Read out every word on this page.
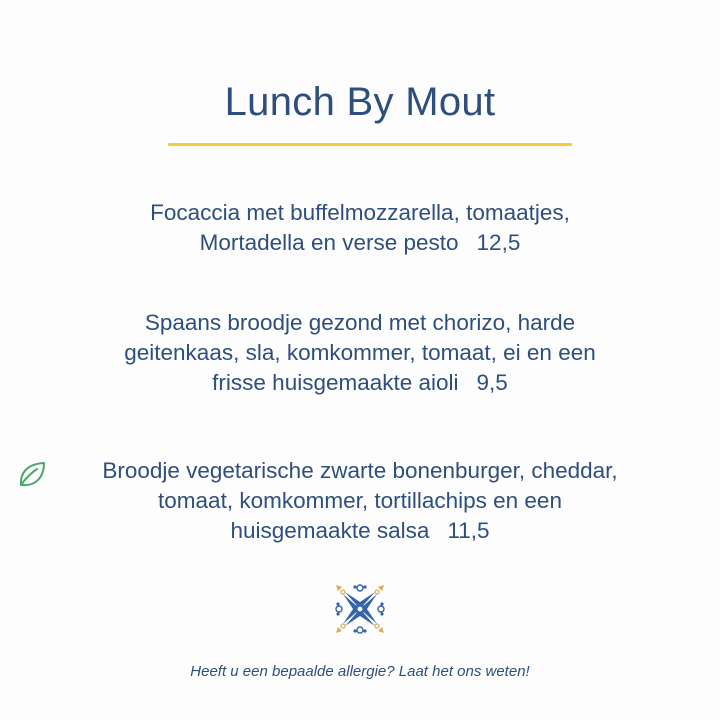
Lunch By Mout
Focaccia met buffelmozzarella, tomaatjes,
Mortadella en verse pesto 12,5
Spaans broodje gezond met chorizo, harde
geitenkaas, sla, komkommer, tomaat, ei en een
frisse huisgemaakte aioli 9,5
Broodje vegetarische zwarte bonenburger, cheddar,
tomaat, komkommer, tortillachips en een
huisgemaakte salsa 11,5
Heeft u een bepaalde allergie? Laat het ons weten!
